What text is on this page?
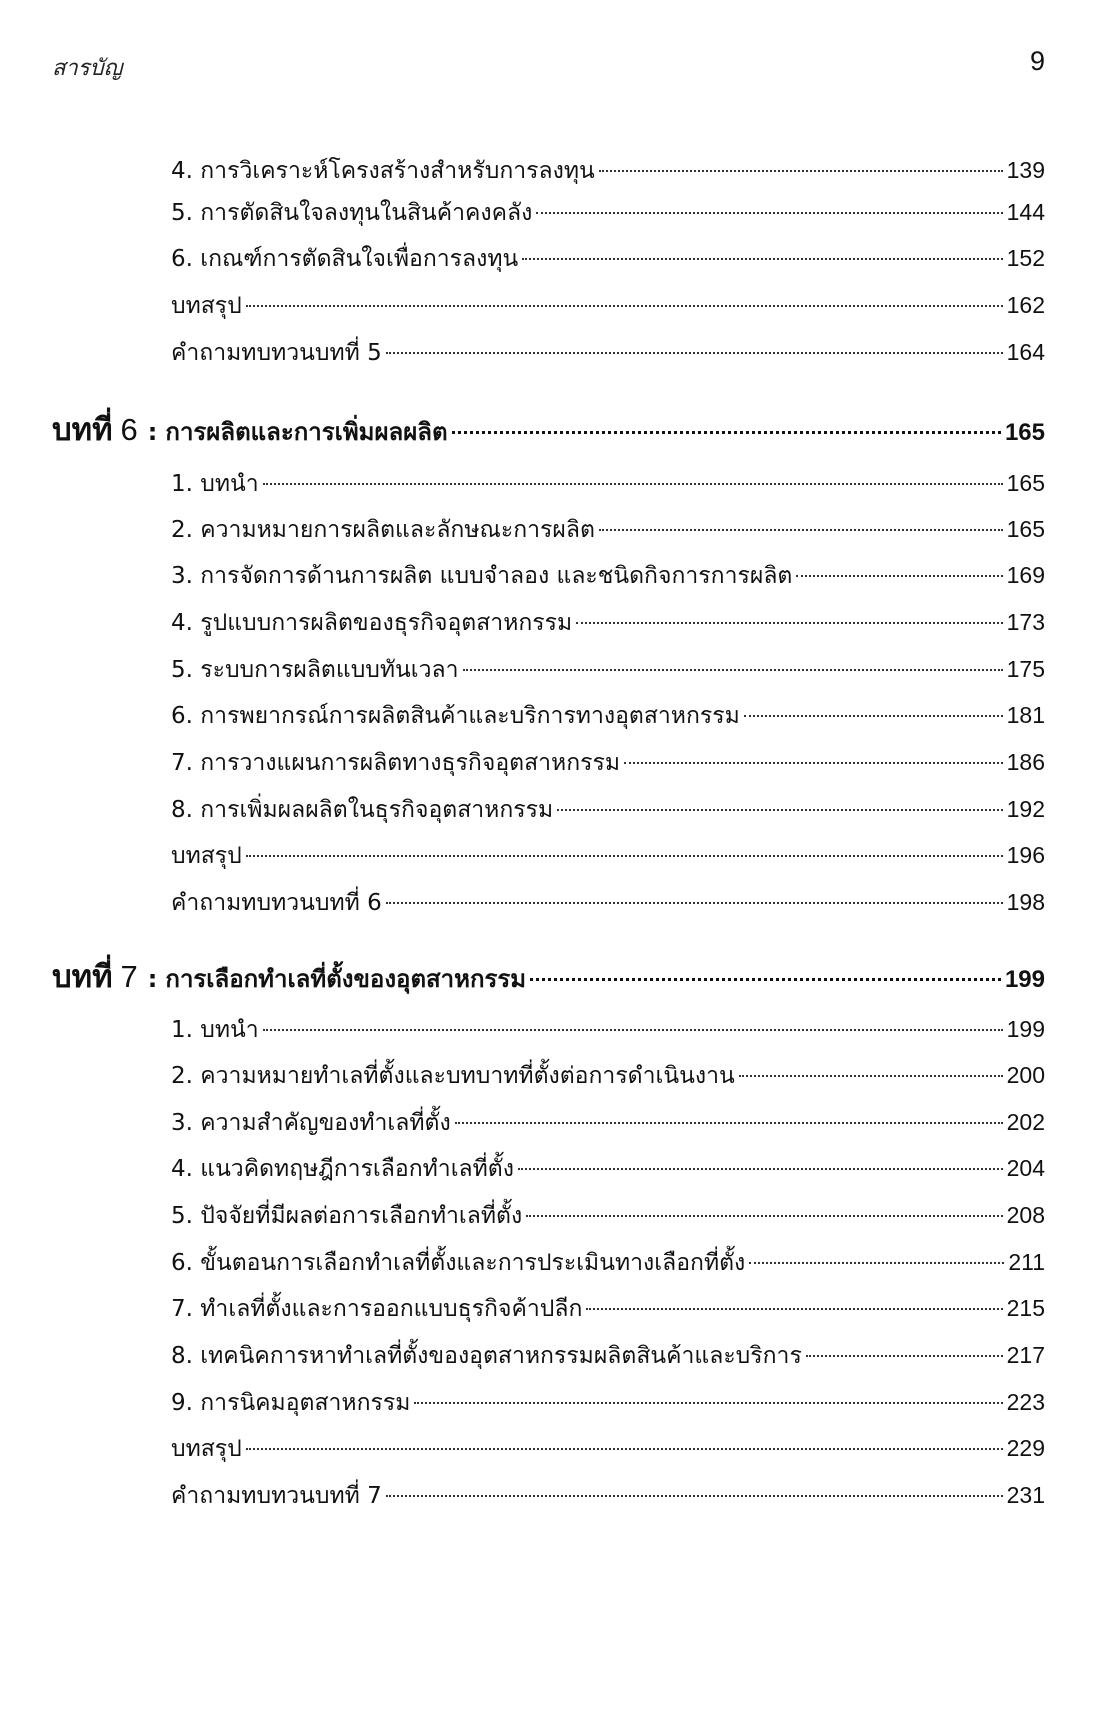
สารบัญ	9
4. การวิเคราะห์โครงสร้างสำหรับการลงทุน	139
5. การตัดสินใจลงทุนในสินค้าคงคลัง	144
6. เกณฑ์การตัดสินใจเพื่อการลงทุน	152
บทสรุป	162
คำถามทบทวนบทที่ 5	164
บทที่ 6 : การผลิตและการเพิ่มผลผลิต	165
1. บทนำ	165
2. ความหมายการผลิตและลักษณะการผลิต	165
3. การจัดการด้านการผลิต แบบจำลอง และชนิดกิจการการผลิต	169
4. รูปแบบการผลิตของธุรกิจอุตสาหกรรม	173
5. ระบบการผลิตแบบทันเวลา	175
6. การพยากรณ์การผลิตสินค้าและบริการทางอุตสาหกรรม	181
7. การวางแผนการผลิตทางธุรกิจอุตสาหกรรม	186
8. การเพิ่มผลผลิตในธุรกิจอุตสาหกรรม	192
บทสรุป	196
คำถามทบทวนบทที่ 6	198
บทที่ 7 : การเลือกทำเลที่ตั้งของอุตสาหกรรม	199
1. บทนำ	199
2. ความหมายทำเลที่ตั้งและบทบาทที่ตั้งต่อการดำเนินงาน	200
3. ความสำคัญของทำเลที่ตั้ง	202
4. แนวคิดทฤษฎีการเลือกทำเลที่ตั้ง	204
5. ปัจจัยที่มีผลต่อการเลือกทำเลที่ตั้ง	208
6. ขั้นตอนการเลือกทำเลที่ตั้งและการประเมินทางเลือกที่ตั้ง	211
7. ทำเลที่ตั้งและการออกแบบธุรกิจค้าปลีก	215
8. เทคนิคการหาทำเลที่ตั้งของอุตสาหกรรมผลิตสินค้าและบริการ	217
9. การนิคมอุตสาหกรรม	223
บทสรุป	229
คำถามทบทวนบทที่ 7	231
